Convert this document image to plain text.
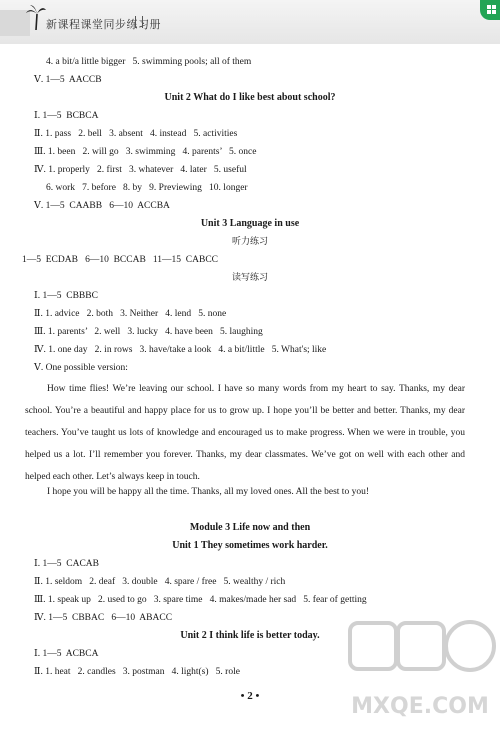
新课程课堂同步练习册
4. a bit/a little bigger   5. swimming pools; all of them
Ⅴ. 1—5  AACCB
Unit 2 What do I like best about school?
Ⅰ. 1—5  BCBCA
Ⅱ. 1. pass   2. bell   3. absent   4. instead   5. activities
Ⅲ. 1. been   2. will go   3. swimming   4. parents’   5. once
Ⅳ. 1. properly   2. first   3. whatever   4. later   5. useful
6. work   7. before   8. by   9. Previewing   10. longer
Ⅴ. 1—5  CAABB   6—10  ACCBA
Unit 3 Language in use
听力练习
1—5  ECDAB   6—10  BCCAB   11—15  CABCC
读写练习
Ⅰ. 1—5  CBBBC
Ⅱ. 1. advice   2. both   3. Neither   4. lend   5. none
Ⅲ. 1. parents’   2. well   3. lucky   4. have been   5. laughing
Ⅳ. 1. one day   2. in rows   3. have/take a look   4. a bit/little   5. What's; like
Ⅴ. One possible version:
How time flies! We’re leaving our school. I have so many words from my heart to say. Thanks, my dear school. You’re a beautiful and happy place for us to grow up. I hope you’ll be better and better. Thanks, my dear teachers. You’ve taught us lots of knowledge and encouraged us to make progress. When we were in trouble, you helped us a lot. I’ll remember you forever. Thanks, my dear classmates. We’ve got on well with each other and helped each other. Let’s always keep in touch.
I hope you will be happy all the time. Thanks, all my loved ones. All the best to you!
Module 3 Life now and then
Unit 1 They sometimes work harder.
Ⅰ. 1—5  CACAB
Ⅱ. 1. seldom   2. deaf   3. double   4. spare / free   5. wealthy / rich
Ⅲ. 1. speak up   2. used to go   3. spare time   4. makes/made her sad   5. fear of getting
Ⅳ. 1—5  CBBAC   6—10  ABACC
Unit 2 I think life is better today.
Ⅰ. 1—5  ACBCA
Ⅱ. 1. heat   2. candles   3. postman   4. light(s)   5. role
• 2 •	MXQE.COM
